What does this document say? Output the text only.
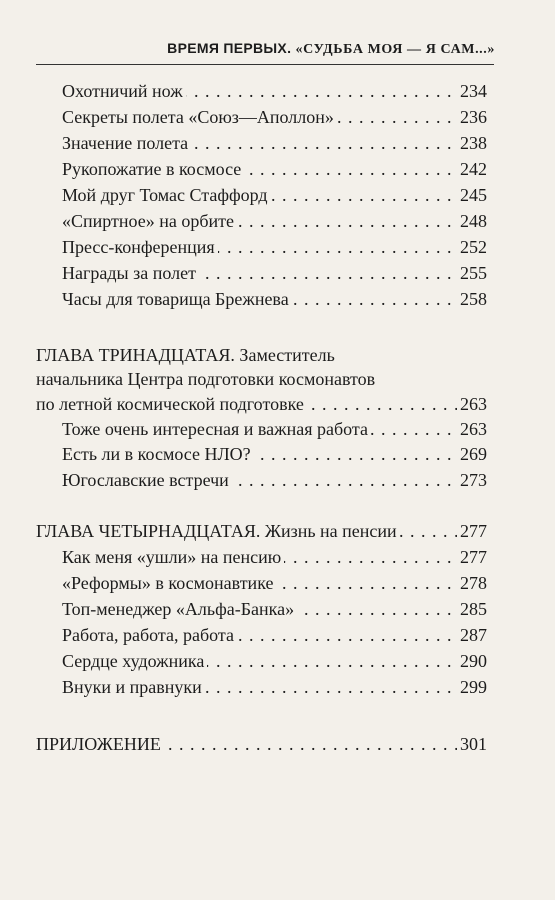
ВРЕМЯ ПЕРВЫХ. «СУДЬБА МОЯ — Я САМ...»
Охотничий нож . . .	234
Секреты полета «Союз—Аполлон» . . .	236
Значение полета . . .	238
Рукопожатие в космосе . . .	242
Мой друг Томас Стаффорд . . .	245
«Спиртное» на орбите . . .	248
Пресс-конференция . . .	252
Награды за полет . . .	255
Часы для товарища Брежнева . . .	258
ГЛАВА ТРИНАДЦАТАЯ. Заместитель
начальника Центра подготовки космонавтов
по летной космической подготовке . . .	263
Тоже очень интересная и важная работа . . .	263
Есть ли в космосе НЛО? . . .	269
Югославские встречи . . .	273
ГЛАВА ЧЕТЫРНАДЦАТАЯ. Жизнь на пенсии . . .	277
Как меня «ушли» на пенсию . . .	277
«Реформы» в космонавтике . . .	278
Топ-менеджер «Альфа-Банка» . . .	285
Работа, работа, работа . . .	287
Сердце художника . . .	290
Внуки и правнуки . . .	299
ПРИЛОЖЕНИЕ . . .	301
